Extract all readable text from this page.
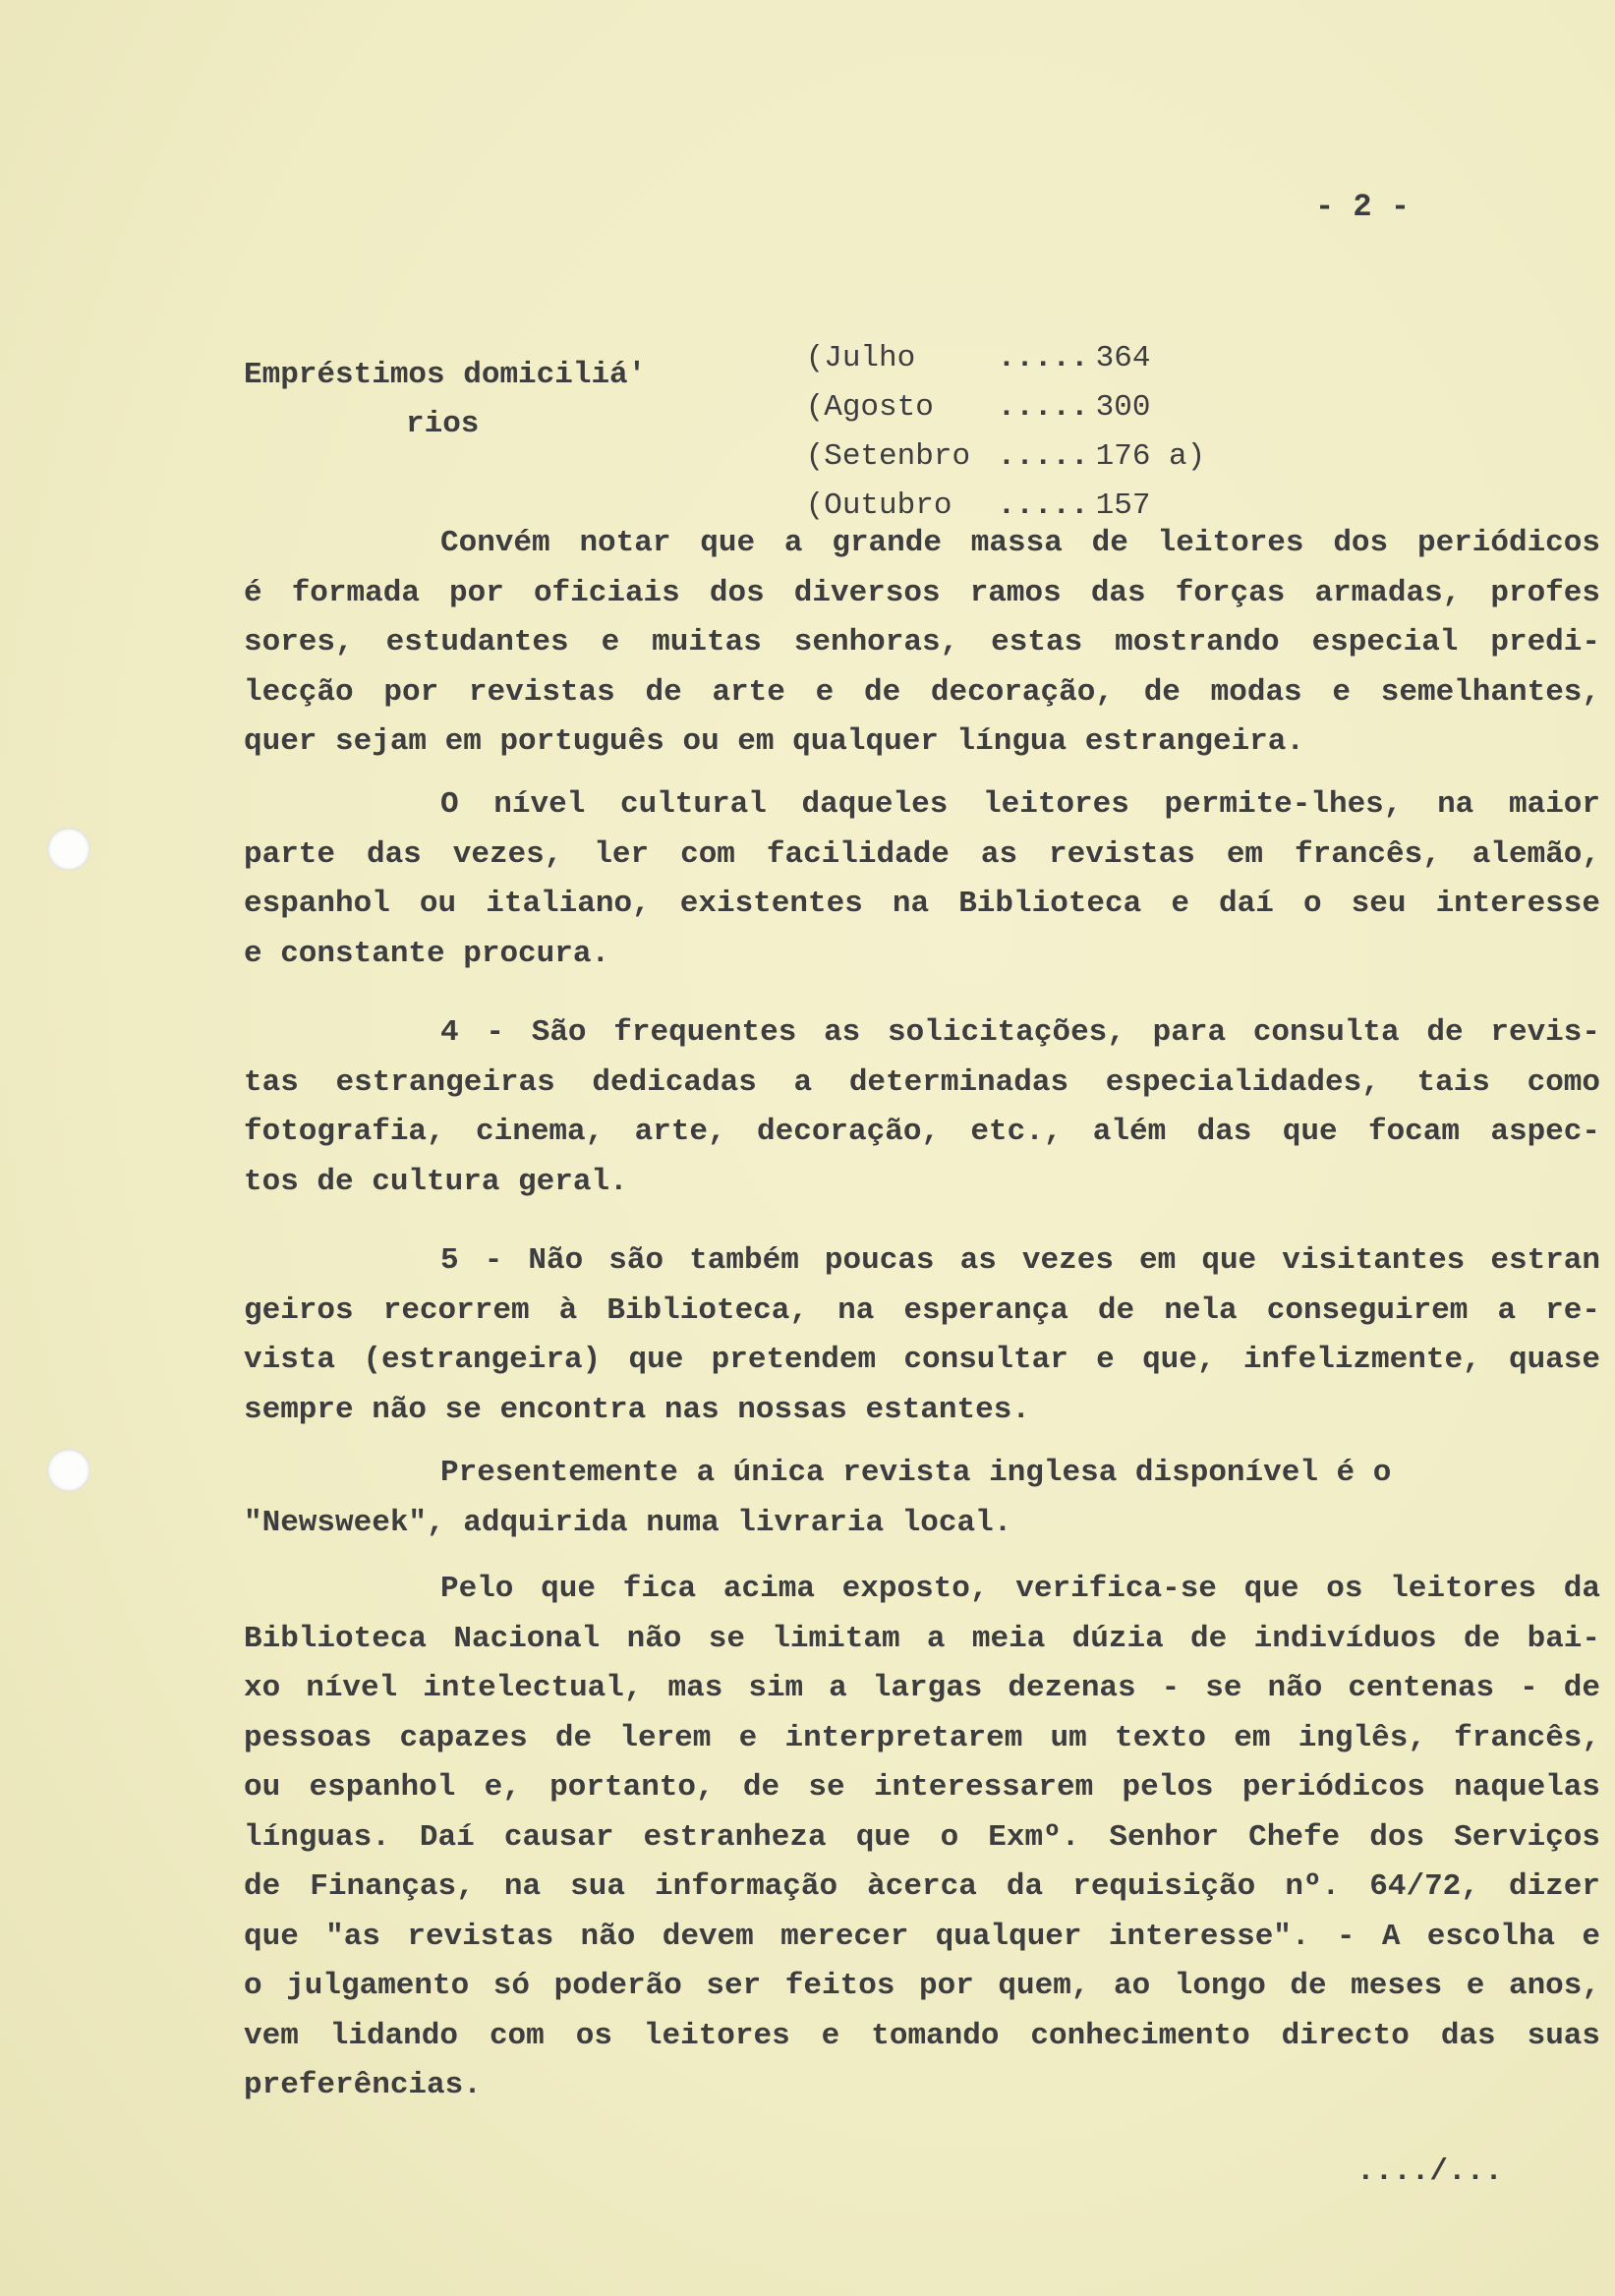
- 2 -
Empréstimos domiciliá'
rios

(Julho	..... 364

(Agosto ..... 300

(Setenbro ..... 176 a)

(Outubro ..... 157

Convém notar que a grande massa de leitores dos periódicos
é formada por oficiais dos diversos ramos das forças armadas, profes
sores, estudantes e muitas senhoras, estas mostrando especial predi-
lecção por revistas de arte e de decoração, de modas e semelhantes,
quer sejam em português ou em qualquer língua estrangeira.
O nível cultural daqueles leitores permite-lhes, na maior
parte das vezes, ler com facilidade as revistas em francês, alemão,
espanhol ou italiano, existentes na Biblioteca e daí o seu interesse
e constante procura.
4 - São frequentes as solicitações, para consulta de revis-
tas estrangeiras dedicadas a determinadas especialidades, tais como
fotografia, cinema, arte, decoração, etc., além das que focam aspec-
tos de cultura geral.
5 - Não são também poucas as vezes em que visitantes estran
geiros recorrem à Biblioteca, na esperança de nela conseguirem a re-
vista (estrangeira) que pretendem consultar e que, infelizmente, quase
sempre não se encontra nas nossas estantes.
Presentemente a única revista inglesa disponível é o
"Newsweek", adquirida numa livraria local.
Pelo que fica acima exposto, verifica-se que os leitores da
Biblioteca Nacional não se limitam a meia dúzia de indivíduos de bai-
xo nível intelectual, mas sim a largas dezenas - se não centenas - de
pessoas capazes de lerem e interpretarem um texto em inglês, francês,
ou espanhol e, portanto, de se interessarem pelos periódicos naquelas
línguas. Daí causar estranheza que o Exmº. Senhor Chefe dos Serviços
de Finanças, na sua informação àcerca da requisição nº. 64/72, dizer
que "as revistas não devem merecer qualquer interesse". - A escolha e
o julgamento só poderão ser feitos por quem, ao longo de meses e anos,
vem lidando com os leitores e tomando conhecimento directo das suas
preferências.
..../...
